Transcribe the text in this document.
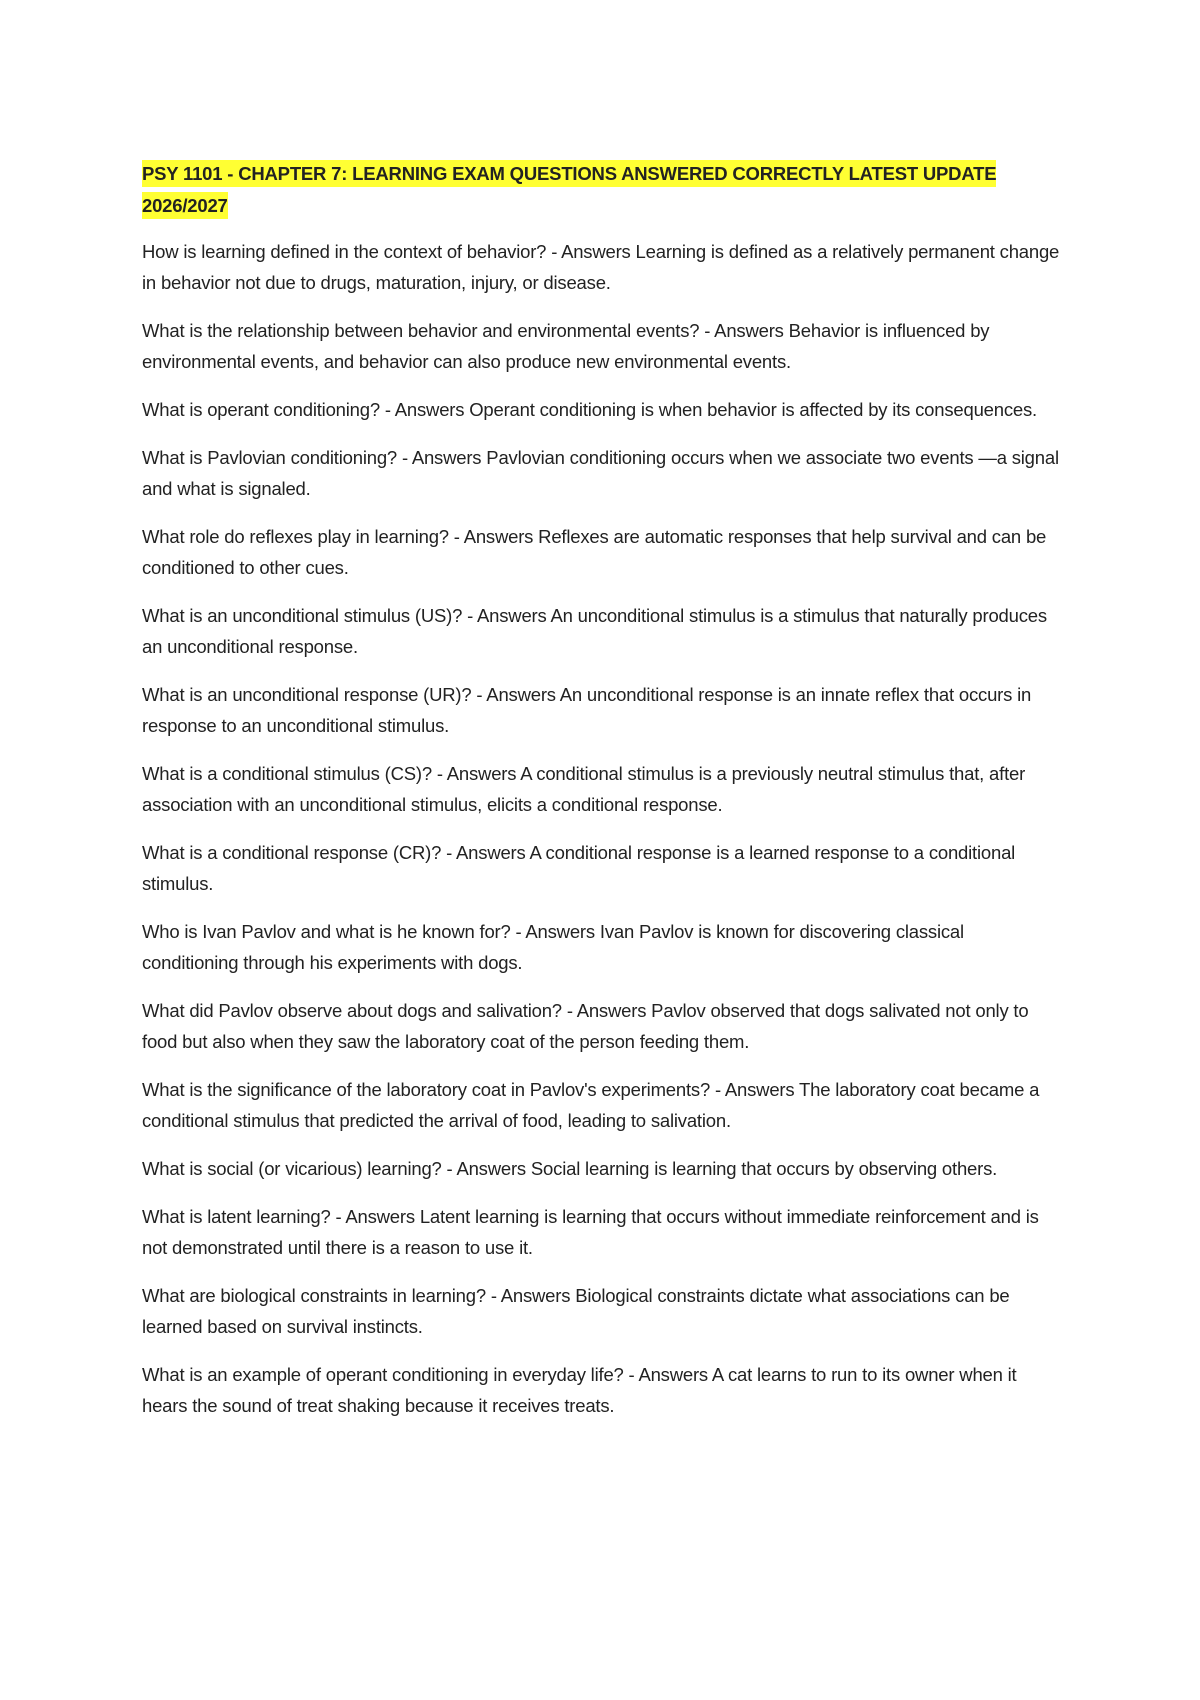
PSY 1101 - CHAPTER 7: LEARNING EXAM QUESTIONS ANSWERED CORRECTLY LATEST UPDATE 2026/2027

How is learning defined in the context of behavior? - Answers Learning is defined as a relatively permanent change in behavior not due to drugs, maturation, injury, or disease.
What is the relationship between behavior and environmental events? - Answers Behavior is influenced by environmental events, and behavior can also produce new environmental events.
What is operant conditioning? - Answers Operant conditioning is when behavior is affected by its consequences.
What is Pavlovian conditioning? - Answers Pavlovian conditioning occurs when we associate two events —a signal and what is signaled.
What role do reflexes play in learning? - Answers Reflexes are automatic responses that help survival and can be conditioned to other cues.
What is an unconditional stimulus (US)? - Answers An unconditional stimulus is a stimulus that naturally produces an unconditional response.
What is an unconditional response (UR)? - Answers An unconditional response is an innate reflex that occurs in response to an unconditional stimulus.
What is a conditional stimulus (CS)? - Answers A conditional stimulus is a previously neutral stimulus that, after association with an unconditional stimulus, elicits a conditional response.
What is a conditional response (CR)? - Answers A conditional response is a learned response to a conditional stimulus.
Who is Ivan Pavlov and what is he known for? - Answers Ivan Pavlov is known for discovering classical conditioning through his experiments with dogs.
What did Pavlov observe about dogs and salivation? - Answers Pavlov observed that dogs salivated not only to food but also when they saw the laboratory coat of the person feeding them.
What is the significance of the laboratory coat in Pavlov's experiments? - Answers The laboratory coat became a conditional stimulus that predicted the arrival of food, leading to salivation.
What is social (or vicarious) learning? - Answers Social learning is learning that occurs by observing others.
What is latent learning? - Answers Latent learning is learning that occurs without immediate reinforcement and is not demonstrated until there is a reason to use it.
What are biological constraints in learning? - Answers Biological constraints dictate what associations can be learned based on survival instincts.
What is an example of operant conditioning in everyday life? - Answers A cat learns to run to its owner when it hears the sound of treat shaking because it receives treats.
